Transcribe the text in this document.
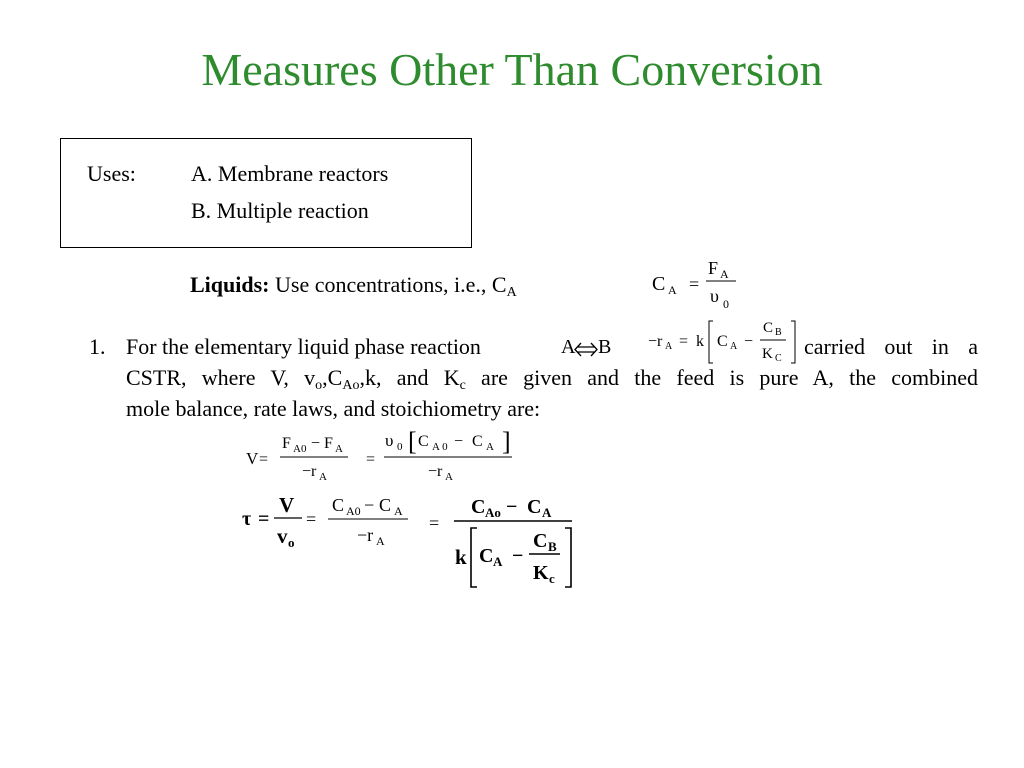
Measures Other Than Conversion
Uses:	A. Membrane reactors
B. Multiple reaction
Liquids: Use concentrations, i.e., $C_A$	C A =
F A
υ 0
1. For the elementary liquid phase reaction	A B −r A = k C A −
C B
K C carried out in a
CSTR, where V, $v_o,C_{Ao},k$, and $K_c$ are given and the feed is pure A, the combined
mole balance, rate laws, and stoichiometry are:
V =
F A0 − F A
−r A
=
υ 0 [ C A 0 − C A ]
−r A
τ =
V
v o
=
C A0 − C A
−r A
=
C Ao − C A
k C A −
C B
K c
